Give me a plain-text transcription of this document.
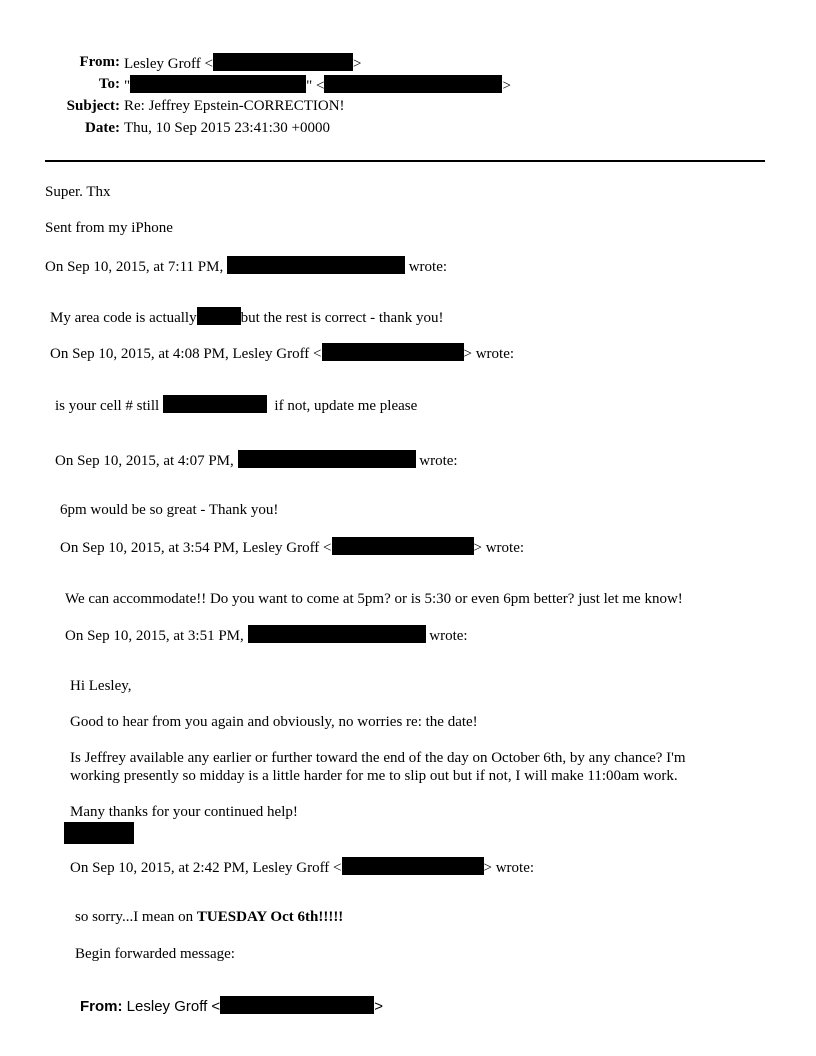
From: Lesley Groff <	>
To: "	" <	>
Subject: Re: Jeffrey Epstein-CORRECTION!
Date: Thu, 10 Sep 2015 23:41:30 +0000
Super. Thx
Sent from my iPhone
On Sep 10, 2015, at 7:11 PM,	wrote:
My area code is actually	but the rest is correct - thank you!
On Sep 10, 2015, at 4:08 PM, Lesley Groff <	> wrote:
is your cell # still	if not, update me please
On Sep 10, 2015, at 4:07 PM,	wrote:
6pm would be so great - Thank you!
On Sep 10, 2015, at 3:54 PM, Lesley Groff <	> wrote:
We can accommodate!! Do you want to come at 5pm? or is 5:30 or even 6pm better? just let me know!
On Sep 10, 2015, at 3:51 PM,	wrote:
Hi Lesley,
Good to hear from you again and obviously, no worries re: the date!
Is Jeffrey available any earlier or further toward the end of the day on October 6th, by any chance? I'm
working presently so midday is a little harder for me to slip out but if not, I will make 11:00am work.
Many thanks for your continued help!
On Sep 10, 2015, at 2:42 PM, Lesley Groff <	> wrote:
so sorry...I mean on TUESDAY Oct 6th!!!!!
Begin forwarded message:
From: Lesley Groff <	>
